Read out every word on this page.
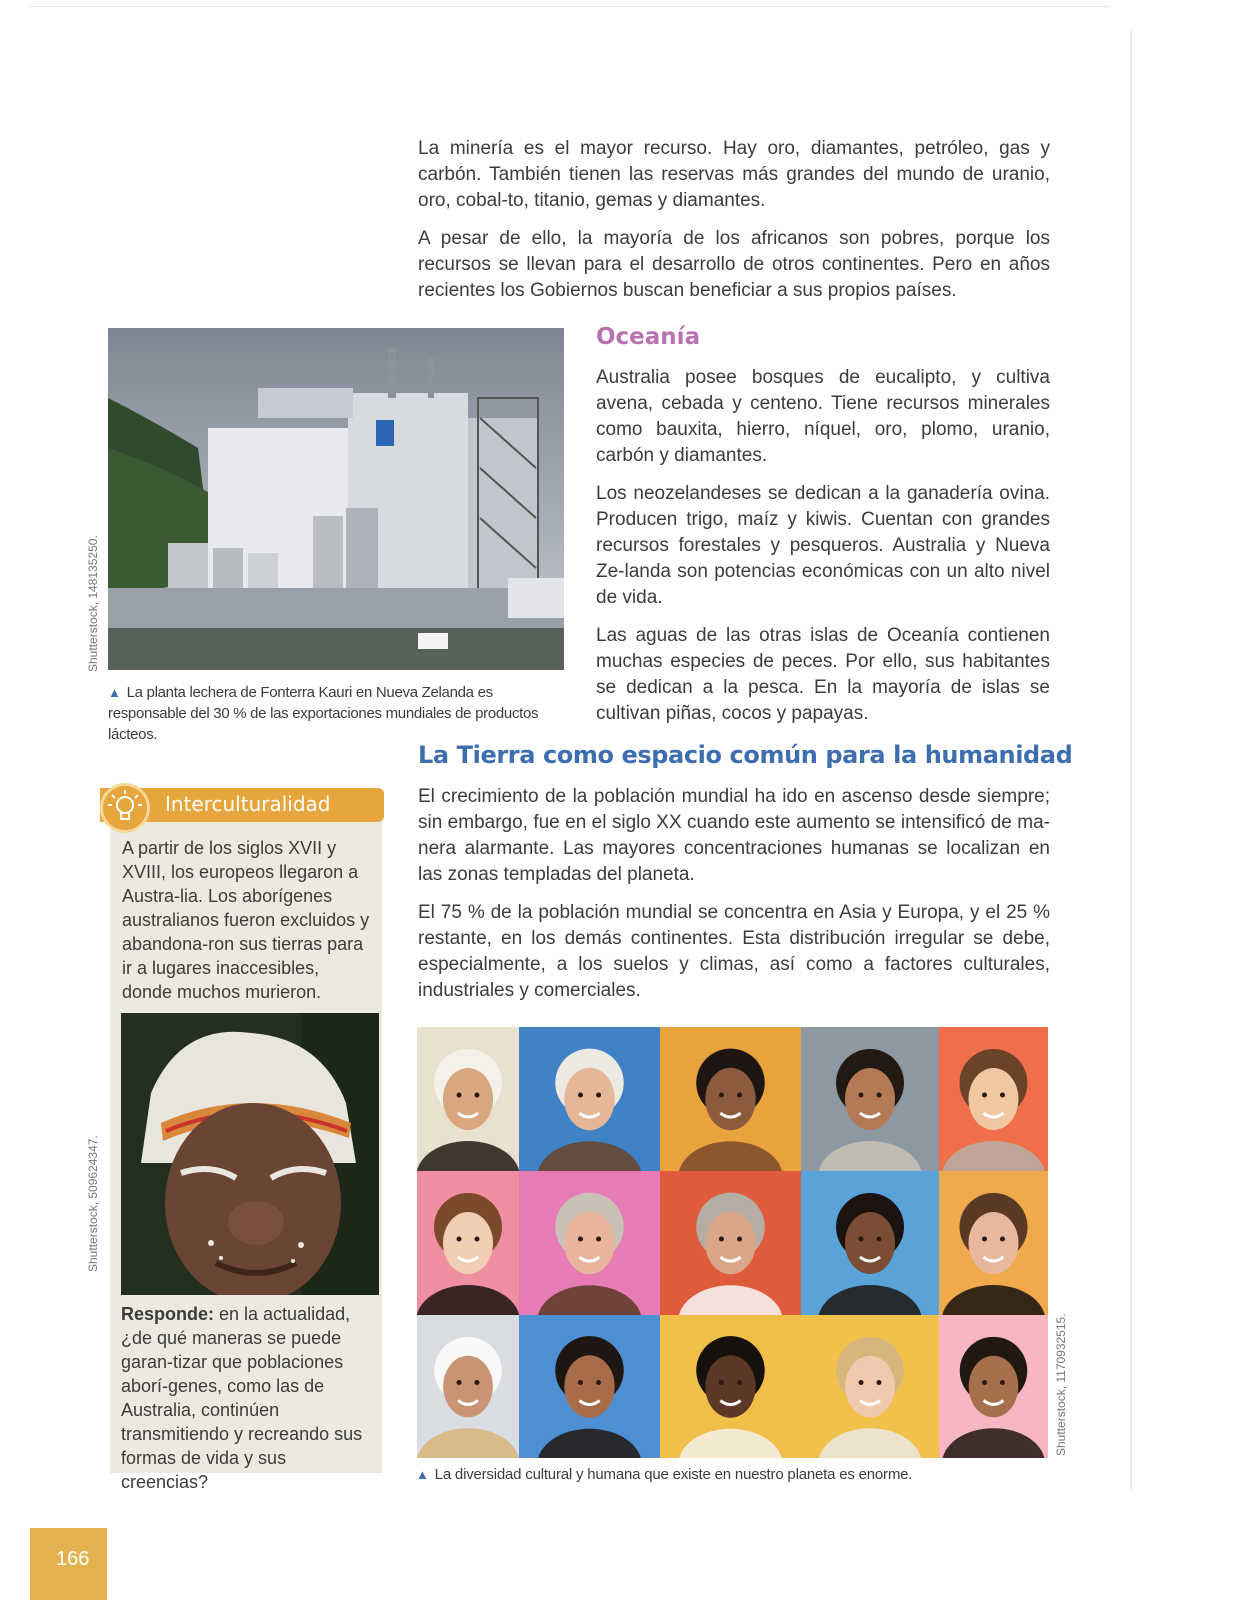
La minería es el mayor recurso. Hay oro, diamantes, petróleo, gas y carbón. También tienen las reservas más grandes del mundo de uranio, oro, cobal-to, titanio, gemas y diamantes.

A pesar de ello, la mayoría de los africanos son pobres, porque los recursos se llevan para el desarrollo de otros continentes. Pero en años recientes los Gobiernos buscan beneficiar a sus propios países.

Shutterstock, 148135250.
▲ La planta lechera de Fonterra Kauri en Nueva Zelanda es responsable del 30 % de las exportaciones mundiales de productos lácteos.
Oceanía

Australia posee bosques de eucalipto, y cultiva avena, cebada y centeno. Tiene recursos minerales como bauxita, hierro, níquel, oro, plomo, uranio, carbón y diamantes.

Los neozelandeses se dedican a la ganadería ovina. Producen trigo, maíz y kiwis. Cuentan con grandes recursos forestales y pesqueros. Australia y Nueva Ze-landa son potencias económicas con un alto nivel de vida.

Las aguas de las otras islas de Oceanía contienen muchas especies de peces. Por ello, sus habitantes se dedican a la pesca. En la mayoría de islas se cultivan piñas, cocos y papayas.

La Tierra como espacio común para la humanidad

El crecimiento de la población mundial ha ido en ascenso desde siempre; sin embargo, fue en el siglo XX cuando este aumento se intensificó de ma-nera alarmante. Las mayores concentraciones humanas se localizan en las zonas templadas del planeta.

El 75 % de la población mundial se concentra en Asia y Europa, y el 25 % restante, en los demás continentes. Esta distribución irregular se debe, especialmente, a los suelos y climas, así como a factores culturales, industriales y comerciales.

Interculturalidad
A partir de los siglos XVII y XVIII, los europeos llegaron a Austra-lia. Los aborígenes australianos fueron excluidos y abandona-ron sus tierras para ir a lugares inaccesibles, donde muchos murieron.
Shutterstock, 509624347.
Responde: en la actualidad, ¿de qué maneras se puede garan-tizar que poblaciones aborí-genes, como las de Australia, continúen transmitiendo y recreando sus formas de vida y sus creencias?
Shutterstock, 1170932515.
▲ La diversidad cultural y humana que existe en nuestro planeta es enorme.
166
